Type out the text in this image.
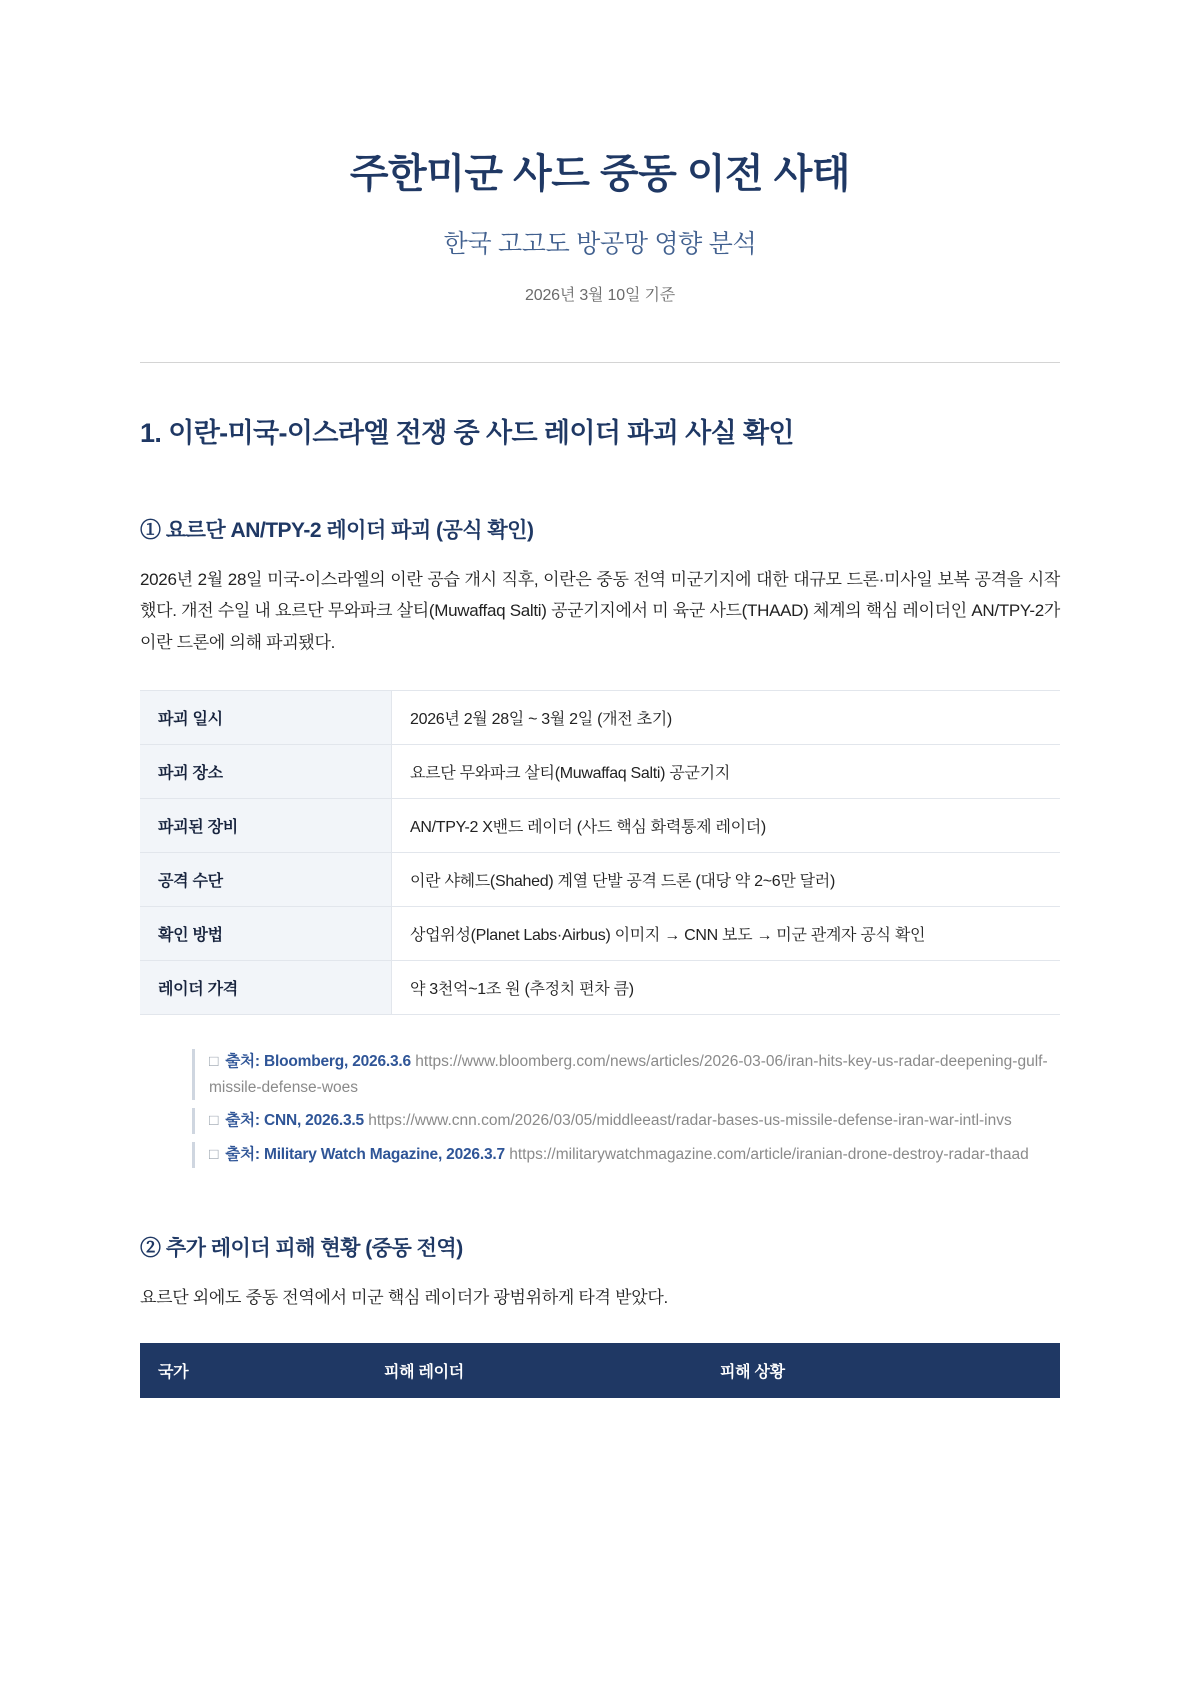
주한미군 사드 중동 이전 사태
한국 고고도 방공망 영향 분석
2026년 3월 10일 기준
1. 이란-미국-이스라엘 전쟁 중 사드 레이더 파괴 사실 확인
① 요르단 AN/TPY-2 레이더 파괴 (공식 확인)

2026년 2월 28일 미국-이스라엘의 이란 공습 개시 직후, 이란은 중동 전역 미군기지에 대한 대규모 드론·미사일 보복 공격을 시작했다. 개전 수일 내 요르단 무와파크 살티(Muwaffaq Salti) 공군기지에서 미 육군 사드(THAAD) 체계의 핵심 레이더인 AN/TPY-2가 이란 드론에 의해 파괴됐다.

파괴 일시	2026년 2월 28일 ~ 3월 2일 (개전 초기)
파괴 장소	요르단 무와파크 살티(Muwaffaq Salti) 공군기지
파괴된 장비	AN/TPY-2 X밴드 레이더 (사드 핵심 화력통제 레이더)
공격 수단	이란 샤헤드(Shahed) 계열 단발 공격 드론 (대당 약 2~6만 달러)
확인 방법	상업위성(Planet Labs·Airbus) 이미지 → CNN 보도 → 미군 관계자 공식 확인
레이더 가격	약 3천억~1조 원 (추정치 편차 큼)
□ 출처: Bloomberg, 2026.3.6 https://www.bloomberg.com/news/articles/2026-03-06/iran-hits-key-us-radar-deepening-gulf-missile-defense-woes
□ 출처: CNN, 2026.3.5 https://www.cnn.com/2026/03/05/middleeast/radar-bases-us-missile-defense-iran-war-intl-invs
□ 출처: Military Watch Magazine, 2026.3.7 https://militarywatchmagazine.com/article/iranian-drone-destroy-radar-thaad
② 추가 레이더 피해 현황 (중동 전역)

요르단 외에도 중동 전역에서 미군 핵심 레이더가 광범위하게 타격 받았다.

국가	피해 레이더	피해 상황
